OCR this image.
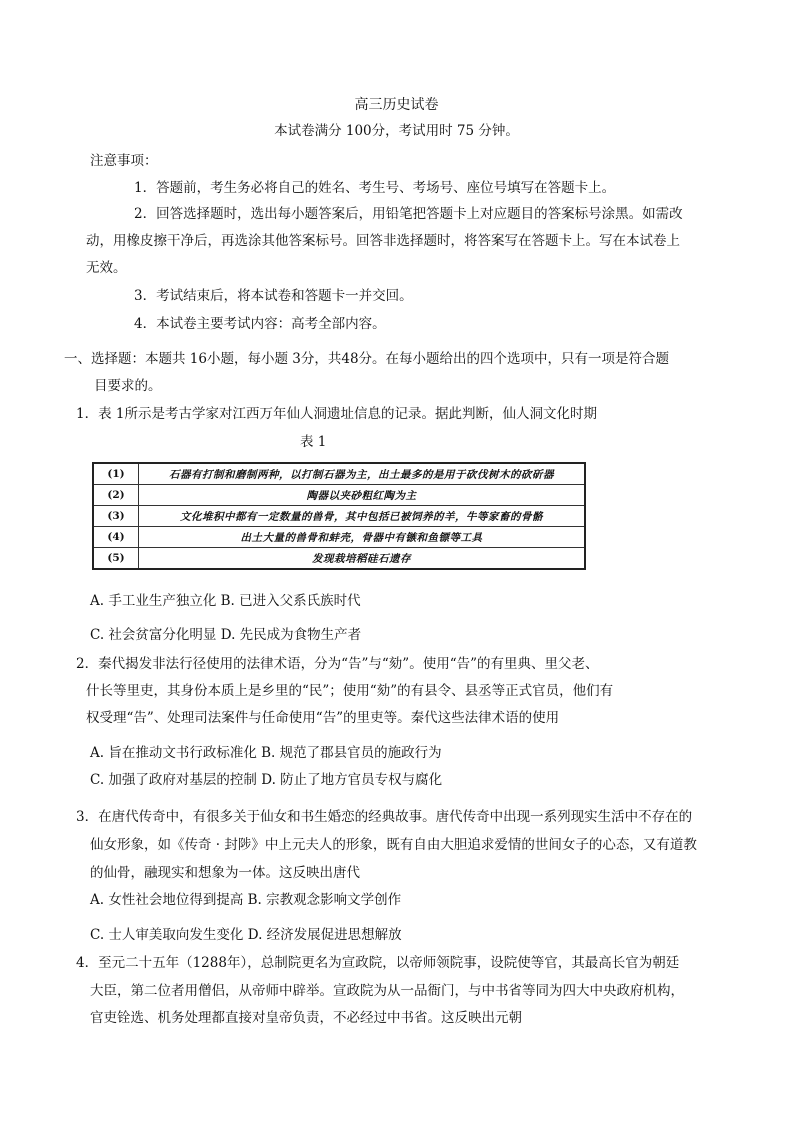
高三历史试卷
本试卷满分 100分，考试用时 75 分钟。
注意事项：
1．答题前，考生务必将自己的姓名、考生号、考场号、座位号填写在答题卡上。
2．回答选择题时，选出每小题答案后，用铅笔把答题卡上对应题目的答案标号涂黑。如需改
动，用橡皮擦干净后，再选涂其他答案标号。回答非选择题时，将答案写在答题卡上。写在本试卷上
无效。
3．考试结束后，将本试卷和答题卡一并交回。
4．本试卷主要考试内容：高考全部内容。
一、选择题：本题共 16小题，每小题 3分，共48分。在每小题给出的四个选项中，只有一项是符合题
目要求的。
1．表 1所示是考古学家对江西万年仙人洞遗址信息的记录。据此判断，仙人洞文化时期
表 1
(1)	石器有打制和磨制两种，以打制石器为主，出土最多的是用于砍伐树木的砍斫器
(2)	陶器以夹砂粗红陶为主
(3)	文化堆积中都有一定数量的兽骨，其中包括已被饲养的羊，牛等家畜的骨骼
(4)	出土大量的兽骨和蚌壳，骨器中有镞和鱼镖等工具
(5)	发现栽培稻硅石遗存
A. 手工业生产独立化 B. 已进入父系氏族时代
C. 社会贫富分化明显 D. 先民成为食物生产者
2．秦代揭发非法行径使用的法律术语，分为“告”与“劾”。使用“告”的有里典、里父老、
什长等里吏，其身份本质上是乡里的“民”；使用“劾”的有县令、县丞等正式官员，他们有
权受理“告”、处理司法案件与任命使用“告”的里吏等。秦代这些法律术语的使用
A. 旨在推动文书行政标准化 B. 规范了郡县官员的施政行为
C. 加强了政府对基层的控制 D. 防止了地方官员专权与腐化
3．在唐代传奇中，有很多关于仙女和书生婚恋的经典故事。唐代传奇中出现一系列现实生活中不存在的
仙女形象，如《传奇 · 封陟》中上元夫人的形象，既有自由大胆追求爱情的世间女子的心态，又有道教
的仙骨，融现实和想象为一体。这反映出唐代
A. 女性社会地位得到提高 B. 宗教观念影响文学创作
C. 士人审美取向发生变化 D. 经济发展促进思想解放
4．至元二十五年（1288年），总制院更名为宣政院，以帝师领院事，设院使等官，其最高长官为朝廷
大臣，第二位者用僧侣，从帝师中辟举。宣政院为从一品衙门，与中书省等同为四大中央政府机构，
官吏铨选、机务处理都直接对皇帝负责，不必经过中书省。这反映出元朝
